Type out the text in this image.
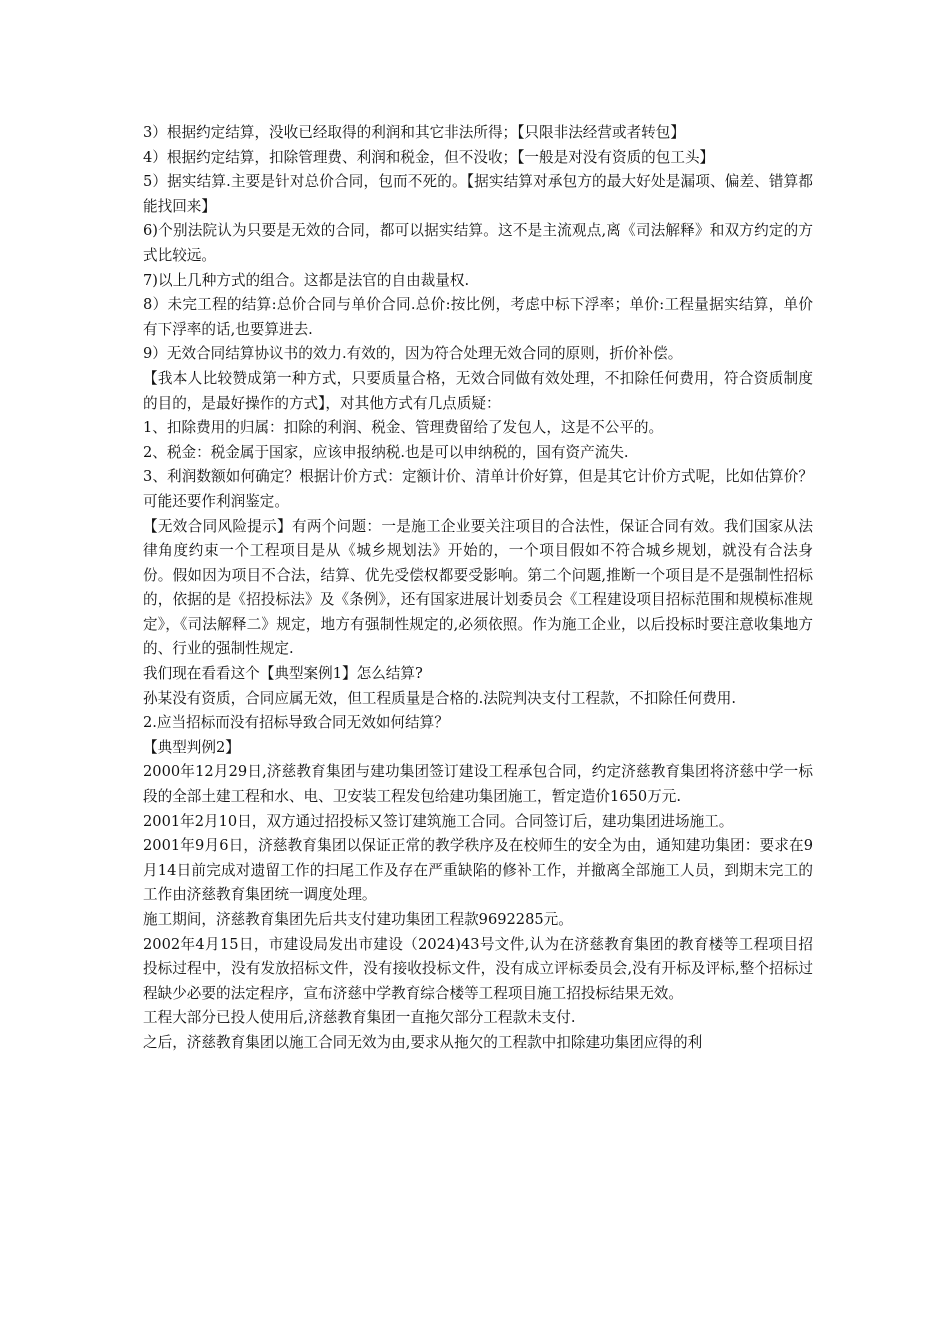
3）根据约定结算，没收已经取得的利润和其它非法所得；【只限非法经营或者转包】

4）根据约定结算，扣除管理费、利润和税金，但不没收；【一般是对没有资质的包工头】

5）据实结算.主要是针对总价合同，包而不死的。【据实结算对承包方的最大好处是漏项、偏差、错算都能找回来】

6)个别法院认为只要是无效的合同，都可以据实结算。这不是主流观点,离《司法解释》和双方约定的方式比较远。

7)以上几种方式的组合。这都是法官的自由裁量权.

8）未完工程的结算:总价合同与单价合同.总价:按比例，考虑中标下浮率；单价:工程量据实结算，单价有下浮率的话,也要算进去.

9）无效合同结算协议书的效力.有效的，因为符合处理无效合同的原则，折价补偿。

【我本人比较赞成第一种方式，只要质量合格，无效合同做有效处理，不扣除任何费用，符合资质制度的目的，是最好操作的方式】，对其他方式有几点质疑：

1、扣除费用的归属：扣除的利润、税金、管理费留给了发包人，这是不公平的。

2、税金：税金属于国家，应该申报纳税.也是可以申纳税的，国有资产流失.

3、利润数额如何确定？根据计价方式：定额计价、清单计价好算，但是其它计价方式呢，比如估算价？可能还要作利润鉴定。

【无效合同风险提示】有两个问题：一是施工企业要关注项目的合法性，保证合同有效。我们国家从法律角度约束一个工程项目是从《城乡规划法》开始的，一个项目假如不符合城乡规划，就没有合法身份。假如因为项目不合法，结算、优先受偿权都要受影响。第二个问题,推断一个项目是不是强制性招标的，依据的是《招投标法》及《条例》，还有国家进展计划委员会《工程建设项目招标范围和规模标准规定》，《司法解释二》规定，地方有强制性规定的,必须依照。作为施工企业，以后投标时要注意收集地方的、行业的强制性规定.

我们现在看看这个【典型案例1】怎么结算?

孙某没有资质，合同应属无效，但工程质量是合格的.法院判决支付工程款，不扣除任何费用.

2.应当招标而没有招标导致合同无效如何结算？

【典型判例2】

2000年12月29日,济慈教育集团与建功集团签订建设工程承包合同，约定济慈教育集团将济慈中学一标段的全部土建工程和水、电、卫安装工程发包给建功集团施工，暂定造价1650万元.

2001年2月10日，双方通过招投标又签订建筑施工合同。合同签订后，建功集团进场施工。

2001年9月6日，济慈教育集团以保证正常的教学秩序及在校师生的安全为由，通知建功集团：要求在9月14日前完成对遗留工作的扫尾工作及存在严重缺陷的修补工作，并撤离全部施工人员，到期末完工的工作由济慈教育集团统一调度处理。

施工期间，济慈教育集团先后共支付建功集团工程款9692285元。

2002年4月15日，市建设局发出市建设（2024)43号文件,认为在济慈教育集团的教育楼等工程项目招投标过程中，没有发放招标文件，没有接收投标文件，没有成立评标委员会,没有开标及评标,整个招标过程缺少必要的法定程序，宣布济慈中学教育综合楼等工程项目施工招投标结果无效。

工程大部分已投人使用后,济慈教育集团一直拖欠部分工程款未支付.

之后，济慈教育集团以施工合同无效为由,要求从拖欠的工程款中扣除建功集团应得的利
